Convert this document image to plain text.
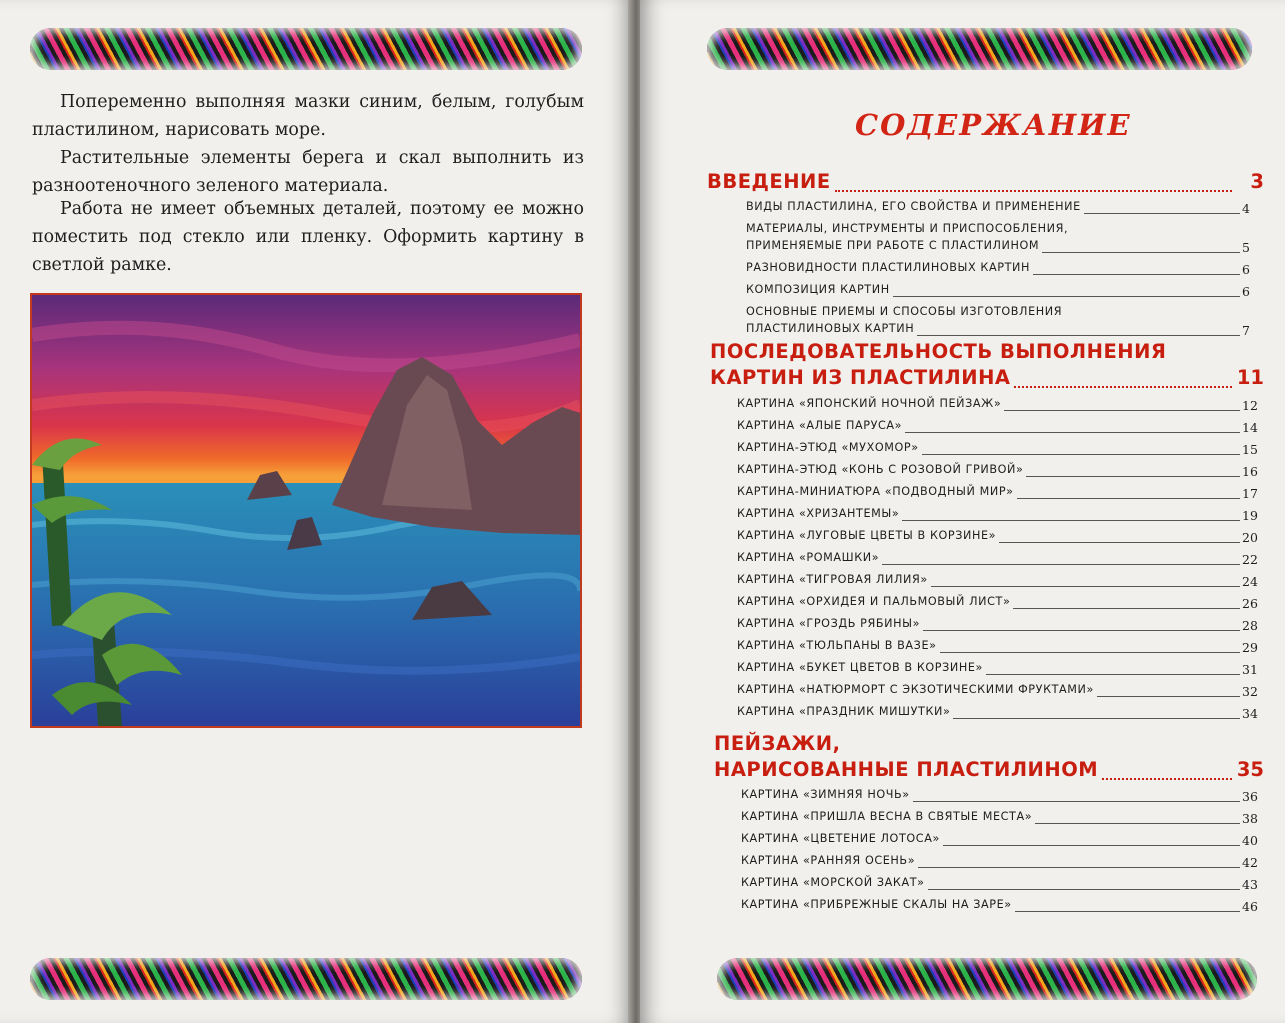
Попеременно выполняя мазки синим, белым, голубым пластилином, нарисовать море.

Растительные элементы берега и скал выполнить из разноотеночного зеленого материала.

Работа не имеет объемных деталей, поэтому ее можно поместить под стекло или пленку. Оформить картину в светлой рамке.

СОДЕРЖАНИЕ
ВВЕДЕНИЕ	3
ВИДЫ ПЛАСТИЛИНА, ЕГО СВОЙСТВА И ПРИМЕНЕНИЕ	4
МАТЕРИАЛЫ, ИНСТРУМЕНТЫ И ПРИСПОСОБЛЕНИЯ,
ПРИМЕНЯЕМЫЕ ПРИ РАБОТЕ С ПЛАСТИЛИНОМ	5
РАЗНОВИДНОСТИ ПЛАСТИЛИНОВЫХ КАРТИН	6
КОМПОЗИЦИЯ КАРТИН	6
ОСНОВНЫЕ ПРИЕМЫ И СПОСОБЫ ИЗГОТОВЛЕНИЯ
ПЛАСТИЛИНОВЫХ КАРТИН	7
ПОСЛЕДОВАТЕЛЬНОСТЬ ВЫПОЛНЕНИЯ
КАРТИН ИЗ ПЛАСТИЛИНА	11
КАРТИНА «ЯПОНСКИЙ НОЧНОЙ ПЕЙЗАЖ»	12
КАРТИНА «АЛЫЕ ПАРУСА»	14
КАРТИНА-ЭТЮД «МУХОМОР»	15
КАРТИНА-ЭТЮД «КОНЬ С РОЗОВОЙ ГРИВОЙ»	16
КАРТИНА-МИНИАТЮРА «ПОДВОДНЫЙ МИР»	17
КАРТИНА «ХРИЗАНТЕМЫ»	19
КАРТИНА «ЛУГОВЫЕ ЦВЕТЫ В КОРЗИНЕ»	20
КАРТИНА «РОМАШКИ»	22
КАРТИНА «ТИГРОВАЯ ЛИЛИЯ»	24
КАРТИНА «ОРХИДЕЯ И ПАЛЬМОВЫЙ ЛИСТ»	26
КАРТИНА «ГРОЗДЬ РЯБИНЫ»	28
КАРТИНА «ТЮЛЬПАНЫ В ВАЗЕ»	29
КАРТИНА «БУКЕТ ЦВЕТОВ В КОРЗИНЕ»	31
КАРТИНА «НАТЮРМОРТ С ЭКЗОТИЧЕСКИМИ ФРУКТАМИ»	32
КАРТИНА «ПРАЗДНИК МИШУТКИ»	34
ПЕЙЗАЖИ,
НАРИСОВАННЫЕ ПЛАСТИЛИНОМ	35
КАРТИНА «ЗИМНЯЯ НОЧЬ»	36
КАРТИНА «ПРИШЛА ВЕСНА В СВЯТЫЕ МЕСТА»	38
КАРТИНА «ЦВЕТЕНИЕ ЛОТОСА»	40
КАРТИНА «РАННЯЯ ОСЕНЬ»	42
КАРТИНА «МОРСКОЙ ЗАКАТ»	43
КАРТИНА «ПРИБРЕЖНЫЕ СКАЛЫ НА ЗАРЕ»	46
